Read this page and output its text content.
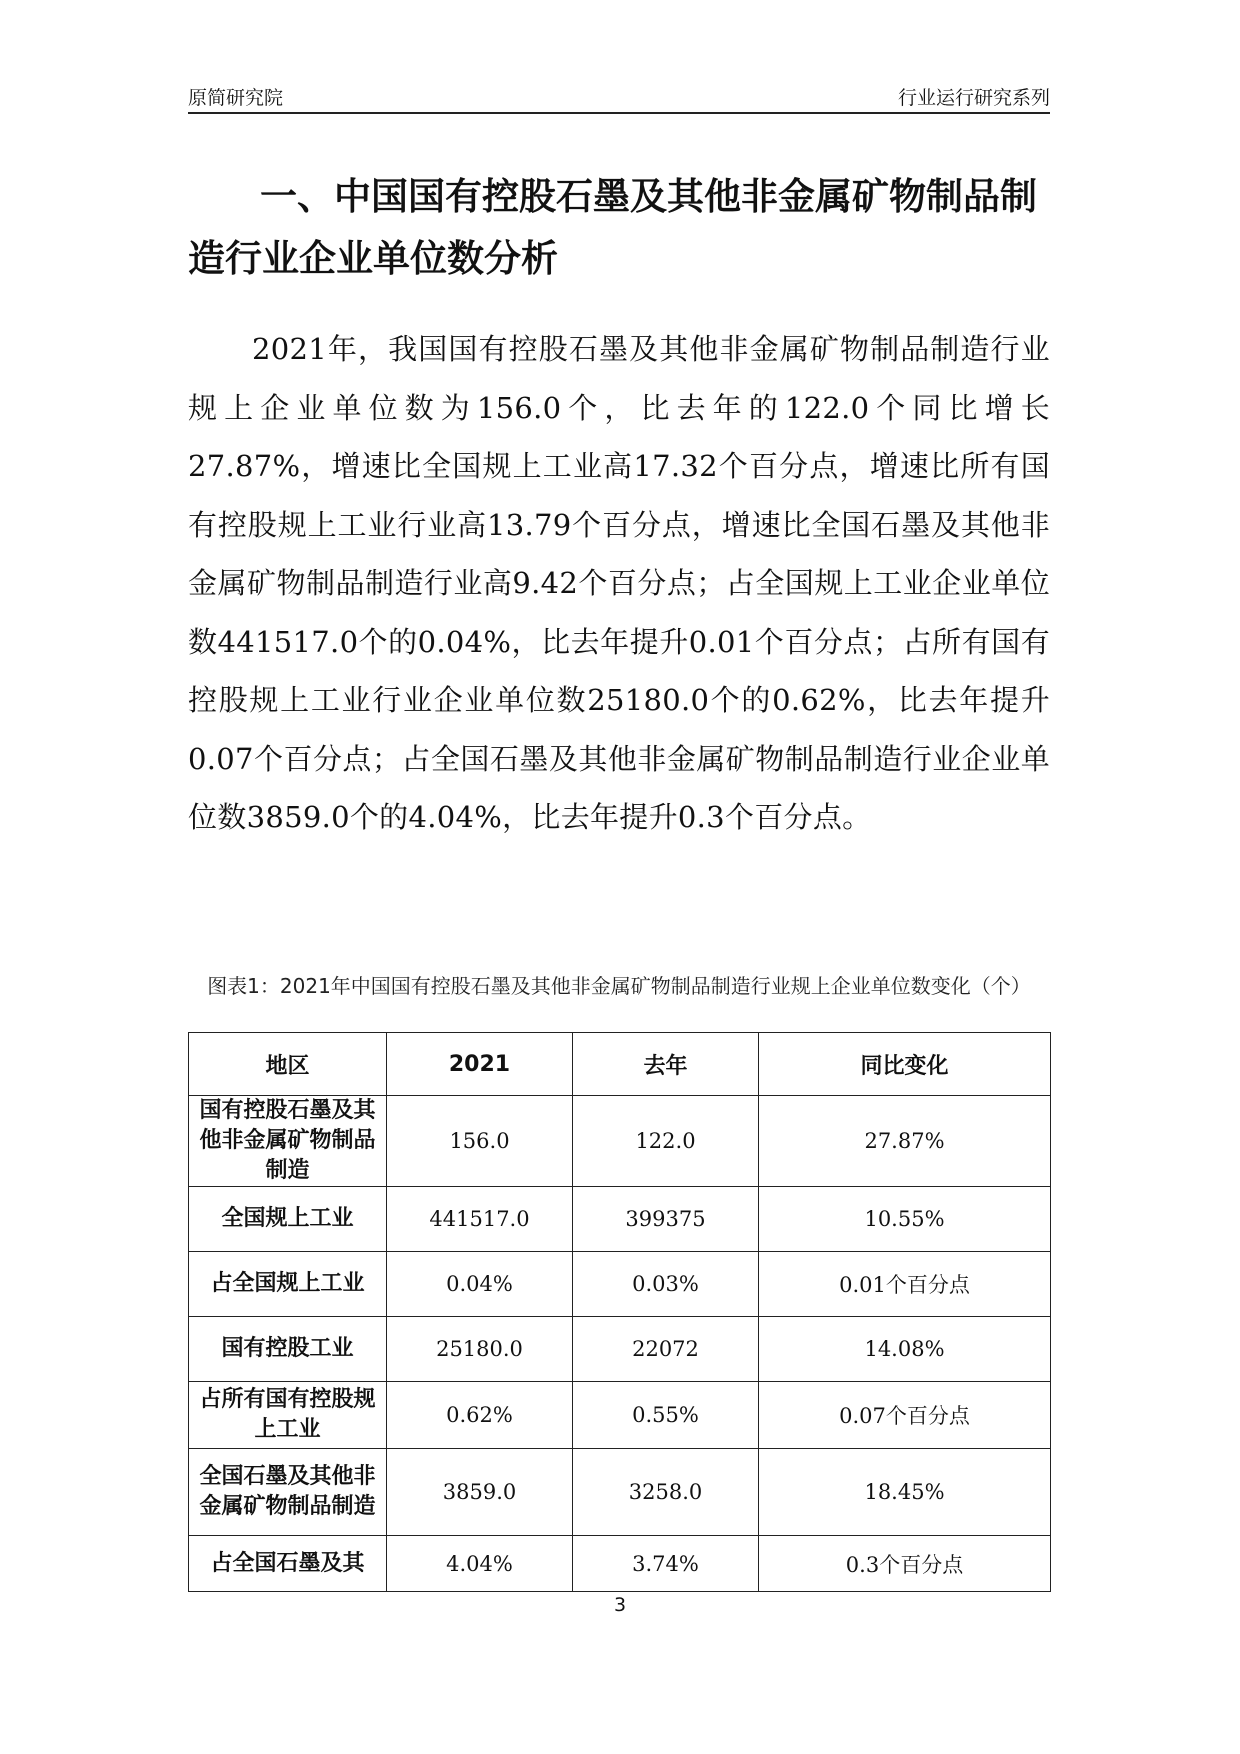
原简研究院	行业运行研究系列
一、中国国有控股石墨及其他非金属矿物制品制造行业企业单位数分析

2021年，我国国有控股石墨及其他非金属矿物制品制造行业规上企业单位数为156.0个，比去年的122.0个同比增长27.87%，增速比全国规上工业高17.32个百分点，增速比所有国有控股规上工业行业高13.79个百分点，增速比全国石墨及其他非金属矿物制品制造行业高9.42个百分点；占全国规上工业企业单位数441517.0个的0.04%，比去年提升0.01个百分点；占所有国有控股规上工业行业企业单位数25180.0个的0.62%，比去年提升0.07个百分点；占全国石墨及其他非金属矿物制品制造行业企业单位数3859.0个的4.04%，比去年提升0.3个百分点。

图表1：2021年中国国有控股石墨及其他非金属矿物制品制造行业规上企业单位数变化（个）

地区	2021	去年	同比变化
国有控股石墨及其他非金属矿物制品制造	156.0	122.0	27.87%
全国规上工业	441517.0	399375	10.55%
占全国规上工业	0.04%	0.03%	0.01个百分点
国有控股工业	25180.0	22072	14.08%
占所有国有控股规上工业	0.62%	0.55%	0.07个百分点
全国石墨及其他非金属矿物制品制造	3859.0	3258.0	18.45%
占全国石墨及其	4.04%	3.74%	0.3个百分点
3
